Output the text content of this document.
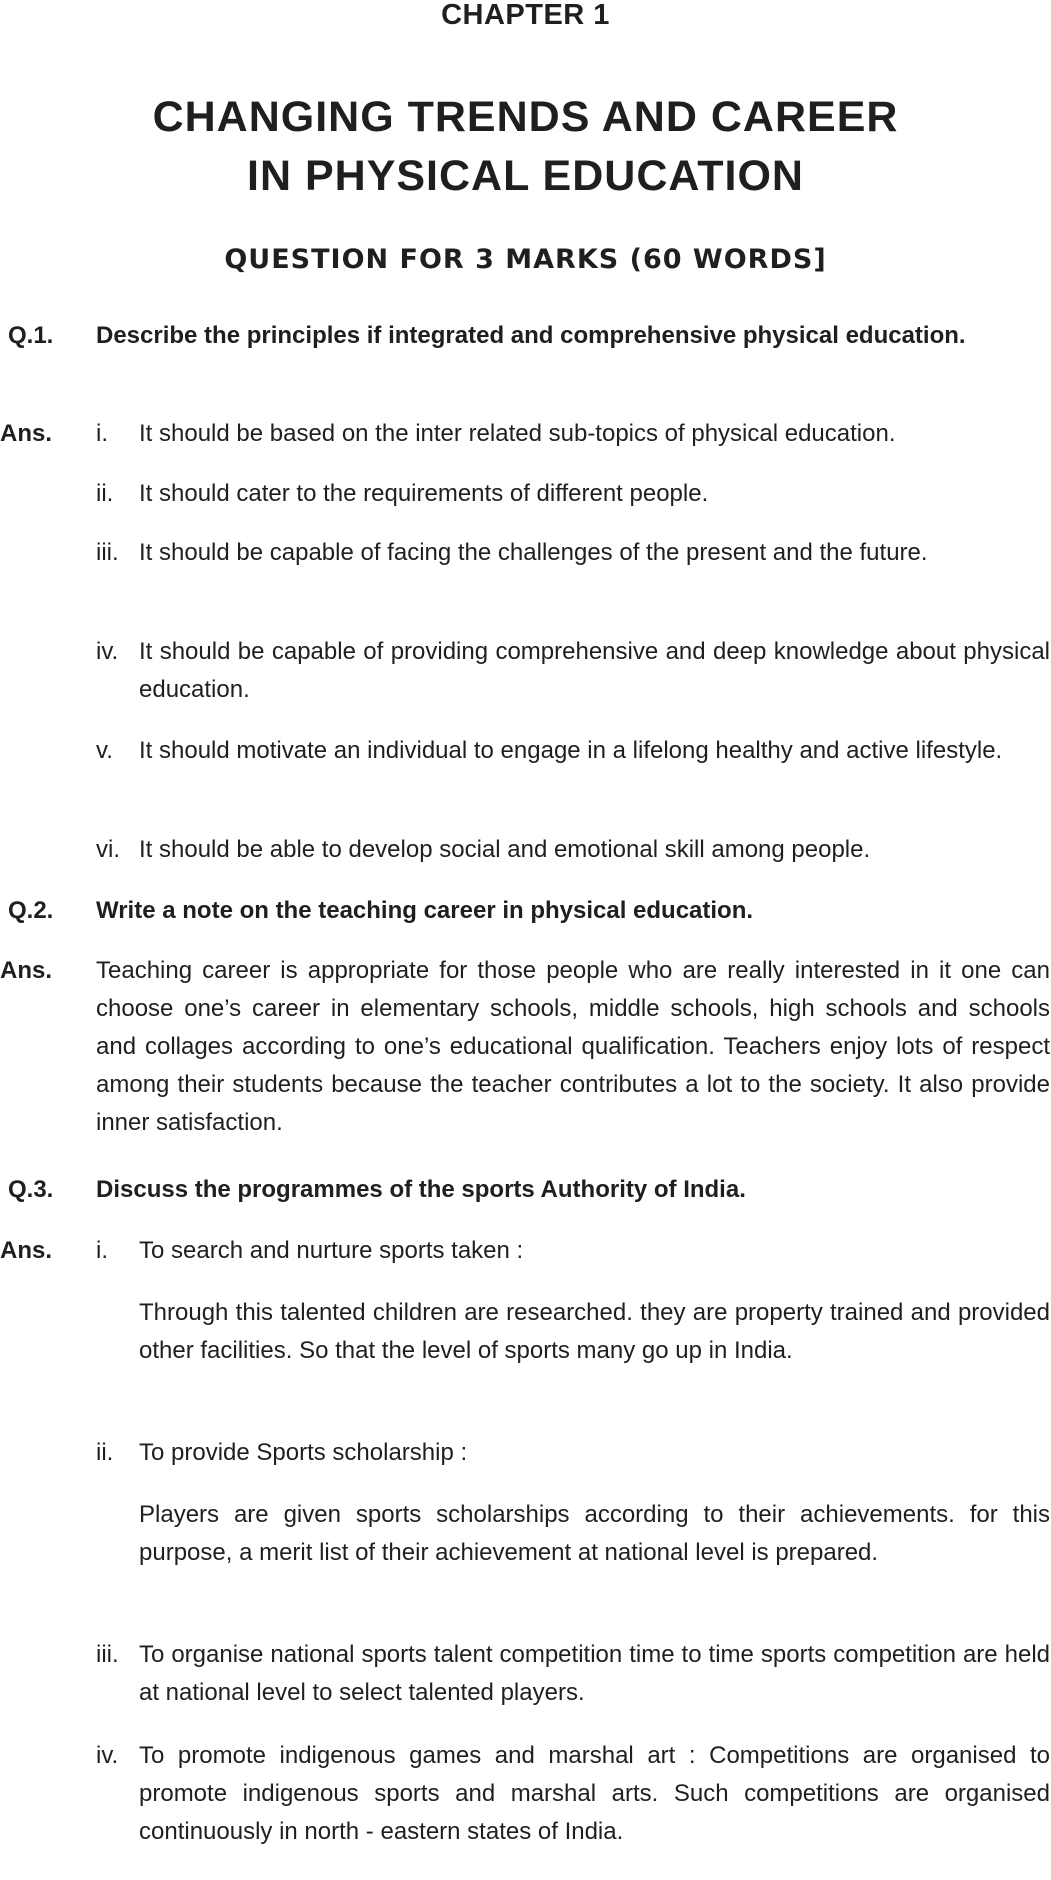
CHAPTER 1
CHANGING TRENDS AND CAREER
IN PHYSICAL EDUCATION
QUESTION FOR 3 MARKS (60 WORDS]
Q.1. Describe the principles if integrated and comprehensive physical education.
Ans. i. It should be based on the inter related sub-topics of physical education.
ii. It should cater to the requirements of different people.
iii. It should be capable of facing the challenges of the present and the future.
iv. It should be capable of providing comprehensive and deep knowledge about physical education.
v. It should motivate an individual to engage in a lifelong healthy and active lifestyle.
vi. It should be able to develop social and emotional skill among people.
Q.2. Write a note on the teaching career in physical education.
Ans. Teaching career is appropriate for those people who are really interested in it one can choose one’s career in elementary schools, middle schools, high schools and schools and collages according to one’s educational qualification. Teachers enjoy lots of respect among their students because the teacher contributes a lot to the society. It also provide inner satisfaction.
Q.3. Discuss the programmes of the sports Authority of India.
Ans. i. To search and nurture sports taken :
Through this talented children are researched. they are property trained and provided other facilities. So that the level of sports many go up in India.
ii. To provide Sports scholarship :
Players are given sports scholarships according to their achievements. for this purpose, a merit list of their achievement at national level is prepared.
iii. To organise national sports talent competition time to time sports competition are held at national level to select talented players.
iv. To promote indigenous games and marshal art : Competitions are organised to promote indigenous sports and marshal arts. Such competitions are organised continuously in north - eastern states of India.
